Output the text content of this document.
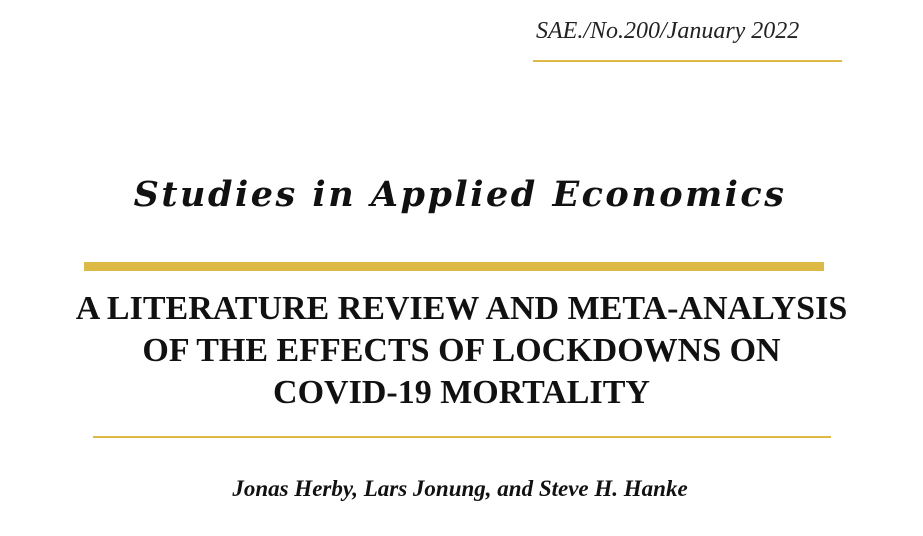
SAE./No.200/January 2022
Studies in Applied Economics
A LITERATURE REVIEW AND META-ANALYSIS
OF THE EFFECTS OF LOCKDOWNS ON
COVID-19 MORTALITY
Jonas Herby, Lars Jonung, and Steve H. Hanke
